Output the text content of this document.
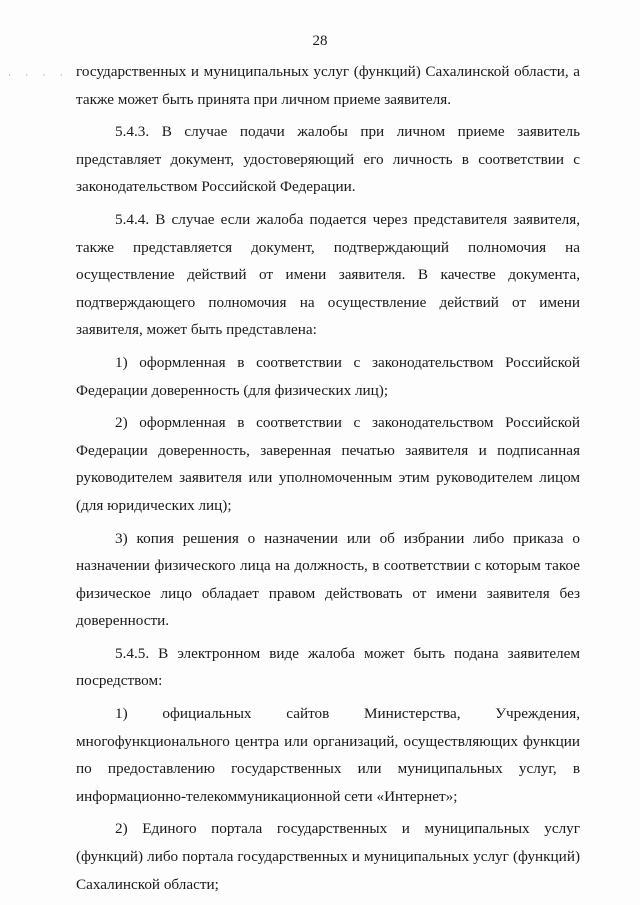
28
· · · · государственных и муниципальных услуг (функций) Сахалинской области, а также может быть принята при личном приеме заявителя.

5.4.3. В случае подачи жалобы при личном приеме заявитель представляет документ, удостоверяющий его личность в соответствии с законодательством Российской Федерации.

5.4.4. В случае если жалоба подается через представителя заявителя, также представляется документ, подтверждающий полномочия на осуществление действий от имени заявителя. В качестве документа, подтверждающего полномочия на осуществление действий от имени заявителя, может быть представлена:

1) оформленная в соответствии с законодательством Российской Федерации доверенность (для физических лиц);

2) оформленная в соответствии с законодательством Российской Федерации доверенность, заверенная печатью заявителя и подписанная руководителем заявителя или уполномоченным этим руководителем лицом (для юридических лиц);

3) копия решения о назначении или об избрании либо приказа о назначении физического лица на должность, в соответствии с которым такое физическое лицо обладает правом действовать от имени заявителя без доверенности.

5.4.5. В электронном виде жалоба может быть подана заявителем посредством:

1) официальных сайтов Министерства, Учреждения, многофункционального центра или организаций, осуществляющих функции по предоставлению государственных или муниципальных услуг, в информационно-телекоммуникационной сети «Интернет»;

2) Единого портала государственных и муниципальных услуг (функций) либо портала государственных и муниципальных услуг (функций) Сахалинской области;
